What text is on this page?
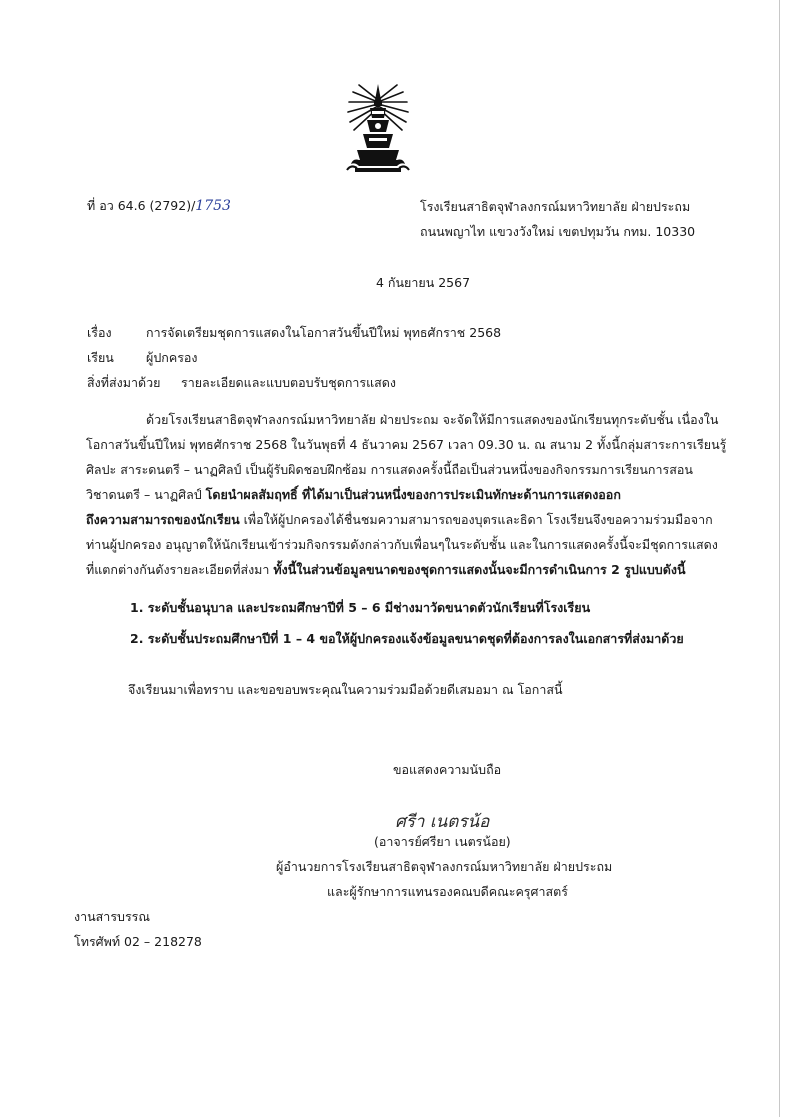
ที่ อว 64.6 (2792)/1753	โรงเรียนสาธิตจุฬาลงกรณ์มหาวิทยาลัย ฝ่ายประถม
ถนนพญาไท แขวงวังใหม่ เขตปทุมวัน กทม. 10330
4 กันยายน 2567
เรื่อง	การจัดเตรียมชุดการแสดงในโอกาสวันขึ้นปีใหม่ พุทธศักราช 2568
เรียน	ผู้ปกครอง
สิ่งที่ส่งมาด้วย รายละเอียดและแบบตอบรับชุดการแสดง
ด้วยโรงเรียนสาธิตจุฬาลงกรณ์มหาวิทยาลัย ฝ่ายประถม จะจัดให้มีการแสดงของนักเรียนทุกระดับชั้น เนื่องใน
โอกาสวันขึ้นปีใหม่ พุทธศักราช 2568 ในวันพุธที่ 4 ธันวาคม 2567 เวลา 09.30 น. ณ สนาม 2 ทั้งนี้กลุ่มสาระการเรียนรู้
ศิลปะ สาระดนตรี – นาฏศิลป์ เป็นผู้รับผิดชอบฝึกซ้อม การแสดงครั้งนี้ถือเป็นส่วนหนึ่งของกิจกรรมการเรียนการสอน
วิชาดนตรี – นาฏศิลป์ โดยนำผลสัมฤทธิ์ ที่ได้มาเป็นส่วนหนึ่งของการประเมินทักษะด้านการแสดงออก
ถึงความสามารถของนักเรียน เพื่อให้ผู้ปกครองได้ชื่นชมความสามารถของบุตรและธิดา โรงเรียนจึงขอความร่วมมือจาก
ท่านผู้ปกครอง อนุญาตให้นักเรียนเข้าร่วมกิจกรรมดังกล่าวกับเพื่อนๆในระดับชั้น และในการแสดงครั้งนี้จะมีชุดการแสดง
ที่แตกต่างกันดังรายละเอียดที่ส่งมา ทั้งนี้ในส่วนข้อมูลขนาดของชุดการแสดงนั้นจะมีการดำเนินการ 2 รูปแบบดังนี้
1. ระดับชั้นอนุบาล และประถมศึกษาปีที่ 5 – 6 มีช่างมาวัดขนาดตัวนักเรียนที่โรงเรียน
2. ระดับชั้นประถมศึกษาปีที่ 1 – 4 ขอให้ผู้ปกครองแจ้งข้อมูลขนาดชุดที่ต้องการลงในเอกสารที่ส่งมาด้วย
จึงเรียนมาเพื่อทราบ และขอขอบพระคุณในความร่วมมือด้วยดีเสมอมา ณ โอกาสนี้
ขอแสดงความนับถือ
ศรีา เนตรน้อ
(อาจารย์ศรียา เนตรน้อย)
ผู้อำนวยการโรงเรียนสาธิตจุฬาลงกรณ์มหาวิทยาลัย ฝ่ายประถม
และผู้รักษาการแทนรองคณบดีคณะครุศาสตร์
งานสารบรรณ
โทรศัพท์ 02 – 218278
